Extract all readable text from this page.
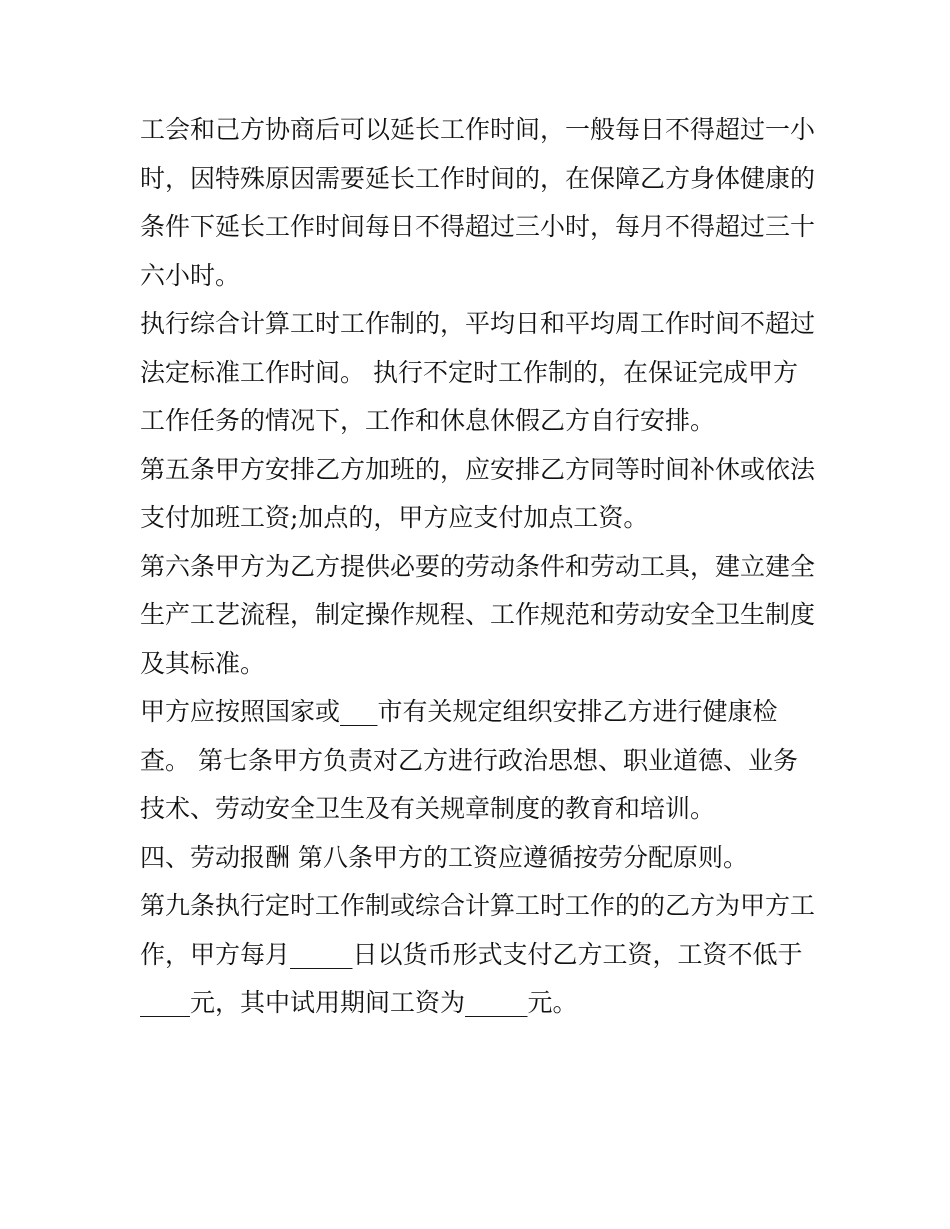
工会和己方协商后可以延长工作时间，一般每日不得超过一小
时，因特殊原因需要延长工作时间的，在保障乙方身体健康的
条件下延长工作时间每日不得超过三小时，每月不得超过三十
六小时。
执行综合计算工时工作制的，平均日和平均周工作时间不超过
法定标准工作时间。 执行不定时工作制的，在保证完成甲方
工作任务的情况下，工作和休息休假乙方自行安排。
第五条甲方安排乙方加班的，应安排乙方同等时间补休或依法
支付加班工资;加点的，甲方应支付加点工资。
第六条甲方为乙方提供必要的劳动条件和劳动工具，建立建全
生产工艺流程，制定操作规程、工作规范和劳动安全卫生制度
及其标准。
甲方应按照国家或___市有关规定组织安排乙方进行健康检
查。 第七条甲方负责对乙方进行政治思想、职业道德、业务
技术、劳动安全卫生及有关规章制度的教育和培训。
四、劳动报酬 第八条甲方的工资应遵循按劳分配原则。
第九条执行定时工作制或综合计算工时工作的的乙方为甲方工
作，甲方每月_____日以货币形式支付乙方工资，工资不低于
____元，其中试用期间工资为_____元。
